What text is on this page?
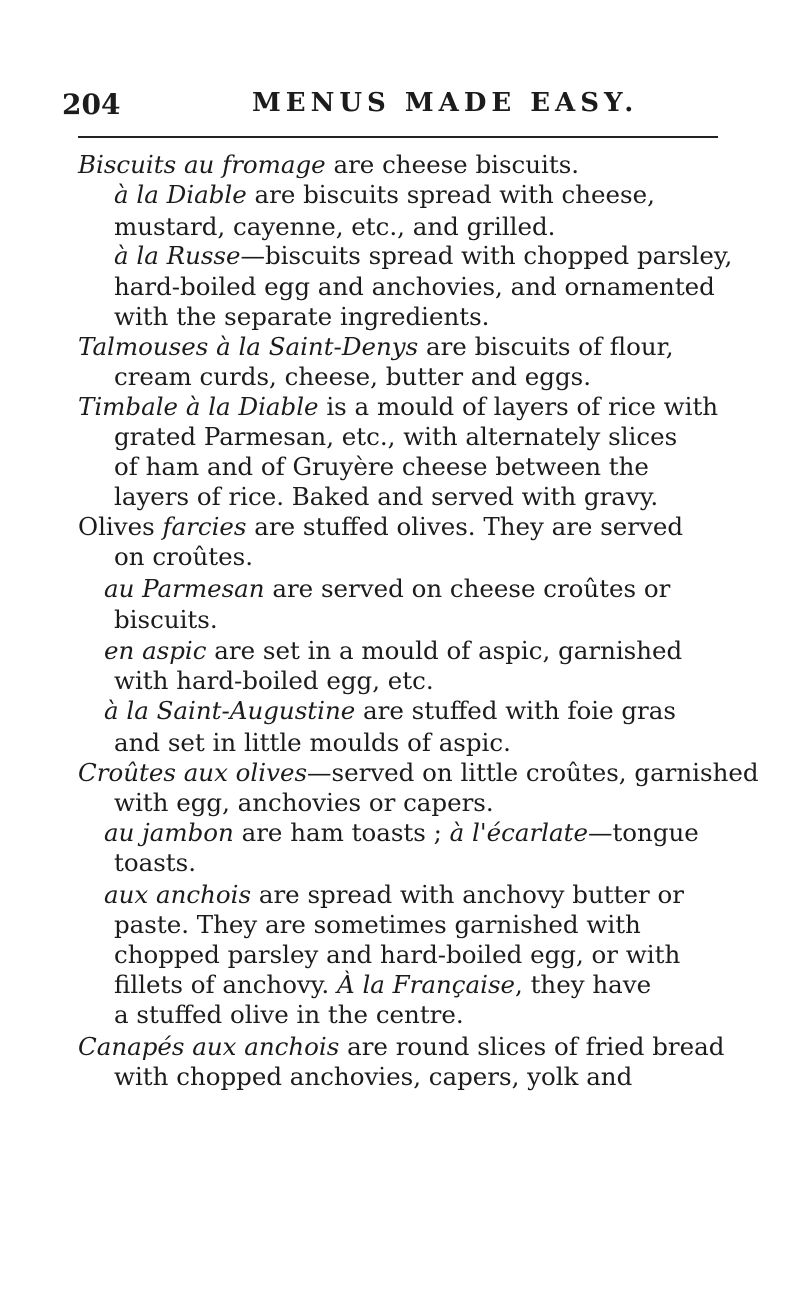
204	MENUS MADE EASY.
Biscuits au fromage are cheese biscuits.
à la Diable are biscuits spread with cheese,
mustard, cayenne, etc., and grilled.
à la Russe—biscuits spread with chopped parsley,
hard-boiled egg and anchovies, and ornamented
with the separate ingredients.
Talmouses à la Saint-Denys are biscuits of flour,
cream curds, cheese, butter and eggs.
Timbale à la Diable is a mould of layers of rice with
grated Parmesan, etc., with alternately slices
of ham and of Gruyère cheese between the
layers of rice. Baked and served with gravy.
Olives farcies are stuffed olives. They are served
on croûtes.
au Parmesan are served on cheese croûtes or
biscuits.
en aspic are set in a mould of aspic, garnished
with hard-boiled egg, etc.
à la Saint-Augustine are stuffed with foie gras
and set in little moulds of aspic.
Croûtes aux olives—served on little croûtes, garnished
with egg, anchovies or capers.
au jambon are ham toasts ; à l'écarlate—tongue
toasts.
aux anchois are spread with anchovy butter or
paste. They are sometimes garnished with
chopped parsley and hard-boiled egg, or with
fillets of anchovy. À la Française, they have
a stuffed olive in the centre.
Canapés aux anchois are round slices of fried bread
with chopped anchovies, capers, yolk and
